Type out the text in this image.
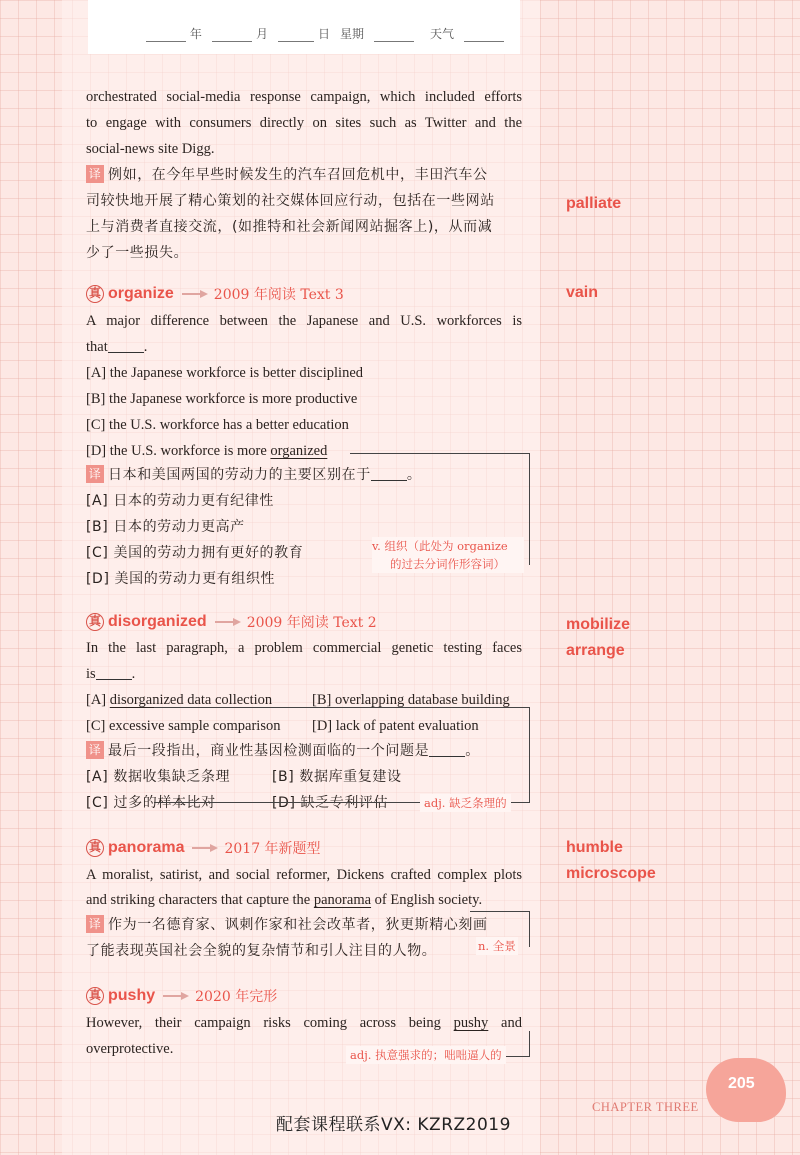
年	月	日 星期	天气
orchestrated social-media response campaign, which included efforts
to engage with consumers directly on sites such as Twitter and the
social-news site Digg.
译 例如，在今年早些时候发生的汽车召回危机中，丰田汽车公
司较快地开展了精心策划的社交媒体回应行动，包括在一些网站
上与消费者直接交流，(如推特和社会新闻网站掘客上)，从而减
少了一些损失。
真 organize	2009 年阅读 Text 3
A major difference between the Japanese and U.S. workforces is
that .
[A] the Japanese workforce is better disciplined
[B] the Japanese workforce is more productive
[C] the U.S. workforce has a better education
[D] the U.S. workforce is more organized
译 日本和美国两国的劳动力的主要区别在于	。
[A] 日本的劳动力更有纪律性
[B] 日本的劳动力更高产
[C] 美国的劳动力拥有更好的教育
[D] 美国的劳动力更有组织性
v. 组织（此处为 organize
的过去分词作形容词）
真 disorganized	2009 年阅读 Text 2
In the last paragraph, a problem commercial genetic testing faces
is .
[A] disorganized data collection	[B] overlapping database building
[C] excessive sample comparison [D] lack of patent evaluation
译 最后一段指出，商业性基因检测面临的一个问题是	。
[A] 数据收集缺乏条理	[B] 数据库重复建设
[C] 过多的样本比对	[D] 缺乏专利评估	adj. 缺乏条理的
真 panorama	2017 年新题型
A moralist, satirist, and social reformer, Dickens crafted complex plots
and striking characters that capture the panorama of English society.
译 作为一名德育家、讽刺作家和社会改革者，狄更斯精心刻画
了能表现英国社会全貌的复杂情节和引人注目的人物。	n. 全景
真 pushy	2020 年完形
However, their campaign risks coming across being pushy and
overprotective.	adj. 执意强求的；咄咄逼人的
palliate
vain
mobilize
arrange
humble
microscope
205
CHAPTER THREE
配套课程联系VX: KZRZ2019
